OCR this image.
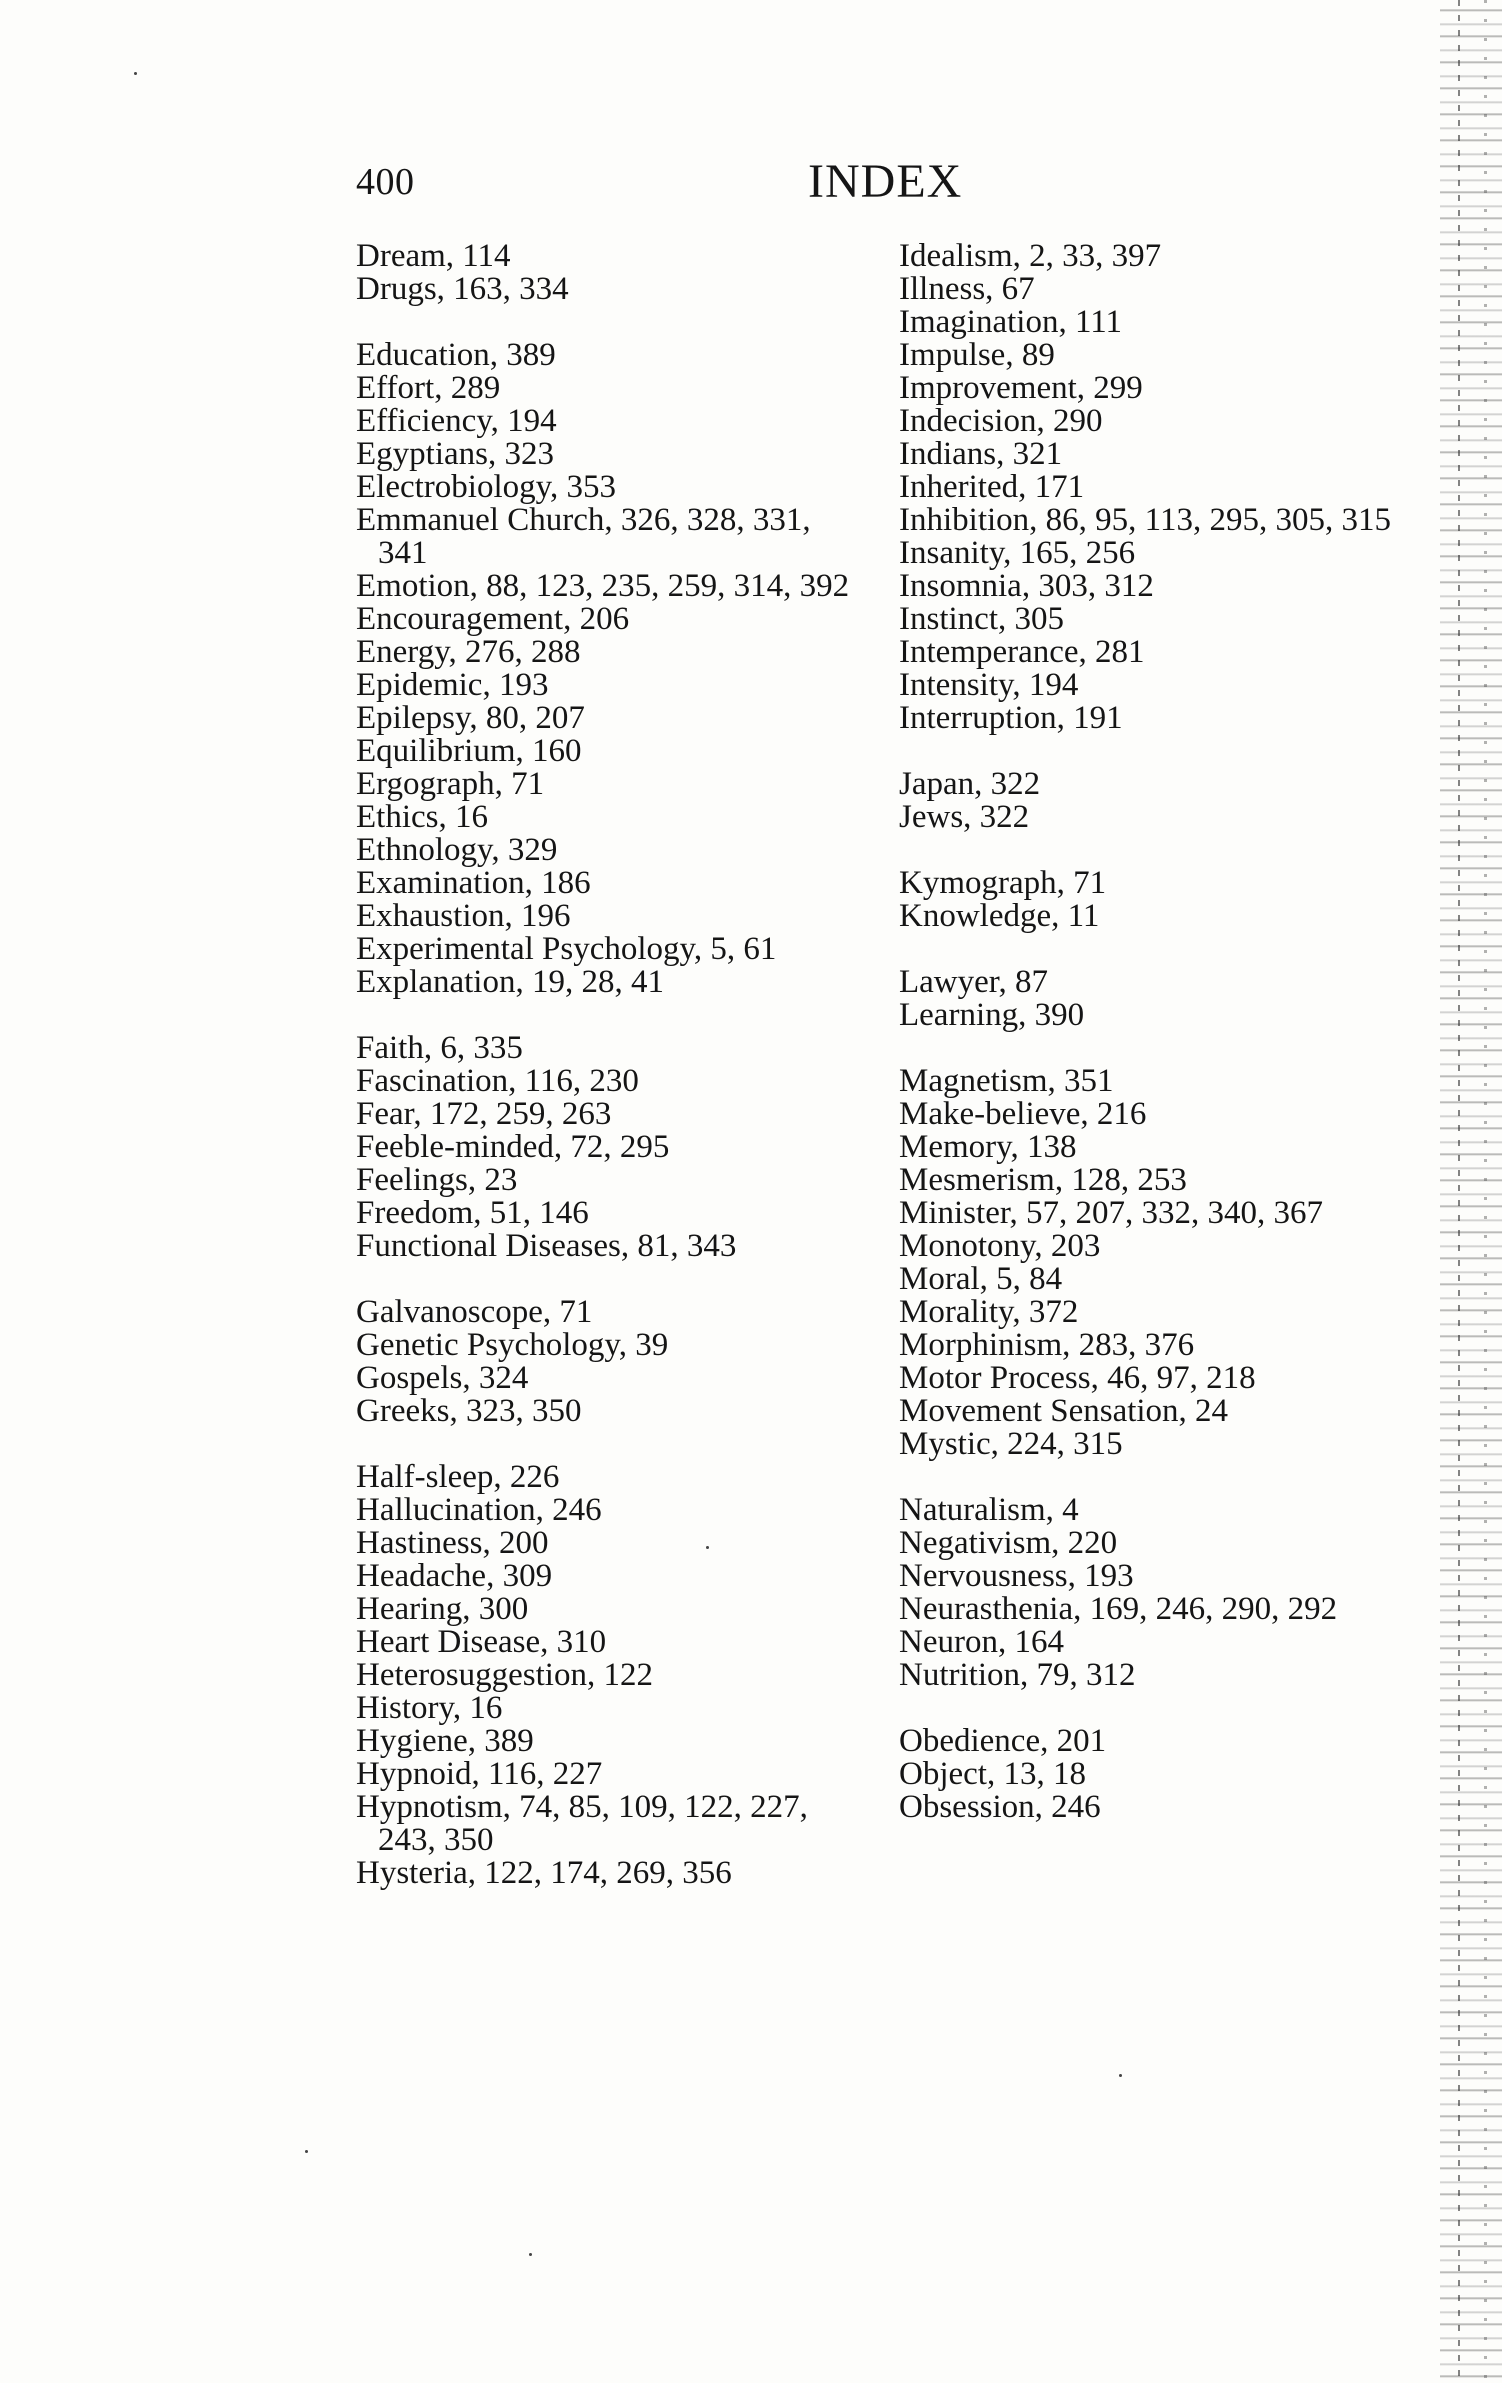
400	INDEX
Dream, 114
Drugs, 163, 334
Education, 389
Effort, 289
Efficiency, 194
Egyptians, 323
Electrobiology, 353
Emmanuel Church, 326, 328, 331, 341
Emotion, 88, 123, 235, 259, 314, 392
Encouragement, 206
Energy, 276, 288
Epidemic, 193
Epilepsy, 80, 207
Equilibrium, 160
Ergograph, 71
Ethics, 16
Ethnology, 329
Examination, 186
Exhaustion, 196
Experimental Psychology, 5, 61
Explanation, 19, 28, 41
Faith, 6, 335
Fascination, 116, 230
Fear, 172, 259, 263
Feeble-minded, 72, 295
Feelings, 23
Freedom, 51, 146
Functional Diseases, 81, 343
Galvanoscope, 71
Genetic Psychology, 39
Gospels, 324
Greeks, 323, 350
Half-sleep, 226
Hallucination, 246
Hastiness, 200
Headache, 309
Hearing, 300
Heart Disease, 310
Heterosuggestion, 122
History, 16
Hygiene, 389
Hypnoid, 116, 227
Hypnotism, 74, 85, 109, 122, 227, 243, 350
Hysteria, 122, 174, 269, 356
Idealism, 2, 33, 397
Illness, 67
Imagination, 111
Impulse, 89
Improvement, 299
Indecision, 290
Indians, 321
Inherited, 171
Inhibition, 86, 95, 113, 295, 305, 315
Insanity, 165, 256
Insomnia, 303, 312
Instinct, 305
Intemperance, 281
Intensity, 194
Interruption, 191
Japan, 322
Jews, 322
Kymograph, 71
Knowledge, 11
Lawyer, 87
Learning, 390
Magnetism, 351
Make-believe, 216
Memory, 138
Mesmerism, 128, 253
Minister, 57, 207, 332, 340, 367
Monotony, 203
Moral, 5, 84
Morality, 372
Morphinism, 283, 376
Motor Process, 46, 97, 218
Movement Sensation, 24
Mystic, 224, 315
Naturalism, 4
Negativism, 220
Nervousness, 193
Neurasthenia, 169, 246, 290, 292
Neuron, 164
Nutrition, 79, 312
Obedience, 201
Object, 13, 18
Obsession, 246
